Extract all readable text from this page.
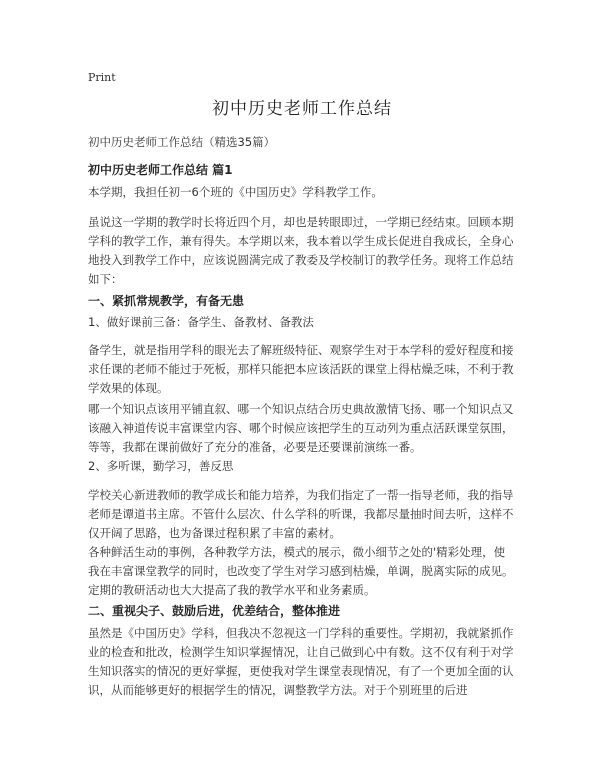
Print
初中历史老师工作总结
初中历史老师工作总结（精选35篇）
初中历史老师工作总结 篇1

本学期，我担任初一6个班的《中国历史》学科教学工作。

虽说这一学期的教学时长将近四个月，却也是转眼即过，一学期已经结束。回顾本期学科的教学工作，兼有得失。本学期以来，我本着以学生成长促进自我成长，全身心地投入到教学工作中，应该说圆满完成了教委及学校制订的教学任务。现将工作总结如下：

一、紧抓常规教学，有备无患

1、做好课前三备：备学生、备教材、备教法

备学生，就是指用学科的眼光去了解班级特征、观察学生对于本学科的爱好程度和接求任课的老师不能过于死板，那样只能把本应该活跃的课堂上得枯燥乏味，不利于教学效果的体现。

哪一个知识点该用平铺直叙、哪一个知识点结合历史典故激情飞扬、哪一个知识点又该融入神道传说丰富课堂内容、哪个时候应该把学生的互动列为重点活跃课堂氛围，等等，我都在课前做好了充分的准备，必要是还要课前演练一番。

2、多听课，勤学习，善反思

学校关心新进教师的教学成长和能力培养，为我们指定了一帮一指导老师，我的指导老师是谭道书主席。不管什么层次、什么学科的听课，我都尽量抽时间去听，这样不仅开阔了思路，也为备课过程积累了丰富的素材。

各种鲜活生动的事例，各种教学方法，模式的展示，微小细节之处的'精彩处理，使我在丰富课堂教学的同时，也改变了学生对学习感到枯燥，单调，脱离实际的成见。定期的教研活动也大大提高了我的教学水平和业务素质。

二、重视尖子、鼓励后进，优差结合，整体推进

虽然是《中国历史》学科，但我决不忽视这一门学科的重要性。学期初，我就紧抓作业的检查和批改，检测学生知识掌握情况，让自己做到心中有数。这不仅有利于对学生知识落实的情况的更好掌握，更使我对学生课堂表现情况，有了一个更加全面的认识，从而能够更好的根据学生的情况，调整教学方法。对于个别班里的后进
